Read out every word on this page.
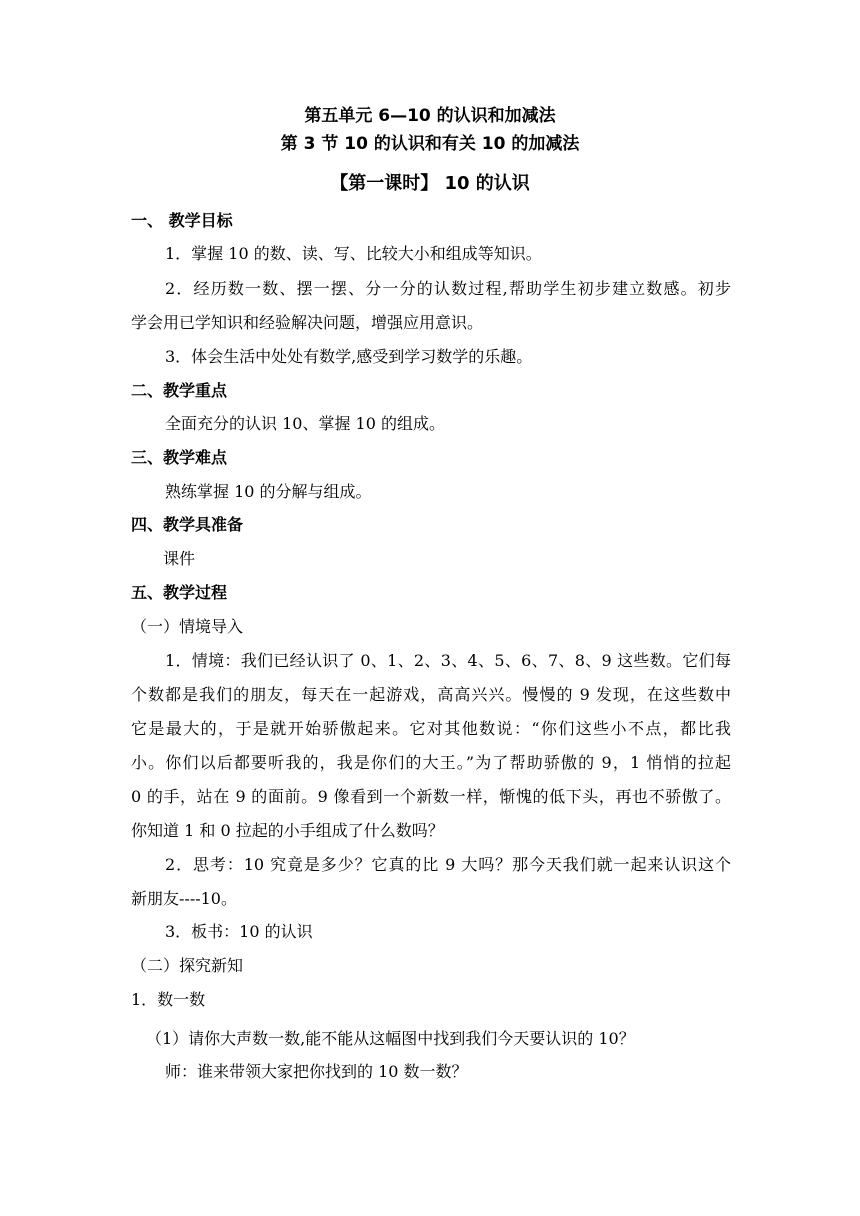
第五单元 6—10 的认识和加减法
第 3 节 10 的认识和有关 10 的加减法
【第一课时】 10 的认识
一、 教学目标
1．掌握 10 的数、读、写、比较大小和组成等知识。
2．经历数一数、摆一摆、分一分的认数过程,帮助学生初步建立数感。初步
学会用已学知识和经验解决问题，增强应用意识。
3．体会生活中处处有数学,感受到学习数学的乐趣。
二、教学重点
全面充分的认识 10、掌握 10 的组成。
三、教学难点
熟练掌握 10 的分解与组成。
四、教学具准备
课件
五、教学过程
（一）情境导入
1．情境：我们已经认识了 0、1、2、3、4、5、6、7、8、9 这些数。它们每
个数都是我们的朋友，每天在一起游戏，高高兴兴。慢慢的 9 发现，在这些数中
它是最大的，于是就开始骄傲起来。它对其他数说：“你们这些小不点，都比我
小。你们以后都要听我的，我是你们的大王。”为了帮助骄傲的 9，1 悄悄的拉起
0 的手，站在 9 的面前。9 像看到一个新数一样，惭愧的低下头，再也不骄傲了。
你知道 1 和 0 拉起的小手组成了什么数吗？
2．思考：10 究竟是多少？它真的比 9 大吗？那今天我们就一起来认识这个
新朋友----10。
3．板书：10 的认识
（二）探究新知
1．数一数
（1）请你大声数一数,能不能从这幅图中找到我们今天要认识的 10？
师：谁来带领大家把你找到的 10 数一数？
